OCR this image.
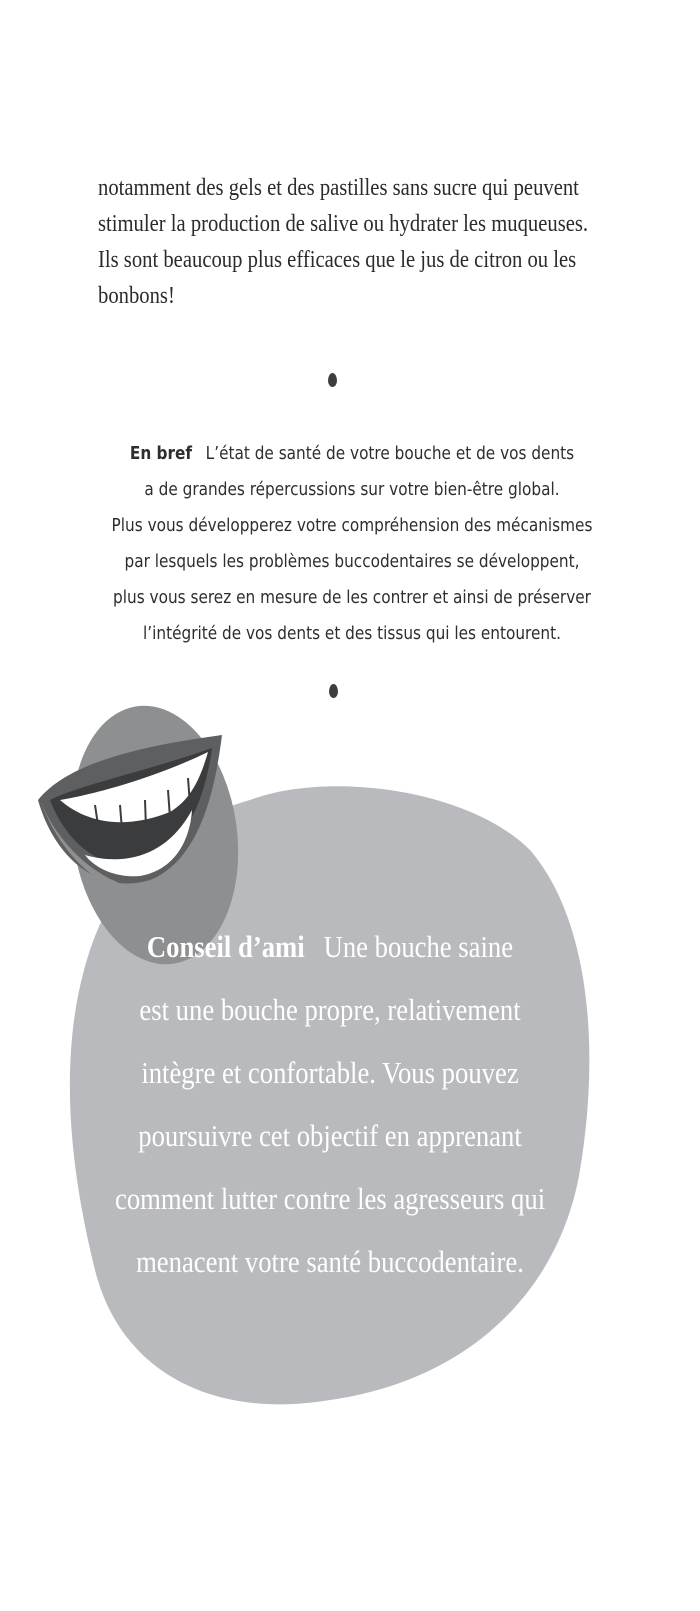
notamment des gels et des pastilles sans sucre qui peuvent
stimuler la production de salive ou hydrater les muqueuses.
Ils sont beaucoup plus efficaces que le jus de citron ou les
bonbons!
En bref L’état de santé de votre bouche et de vos dents
a de grandes répercussions sur votre bien-être global.
Plus vous développerez votre compréhension des mécanismes
par lesquels les problèmes buccodentaires se développent,
plus vous serez en mesure de les contrer et ainsi de préserver
l’intégrité de vos dents et des tissus qui les entourent.
Conseil d’ami Une bouche saine
est une bouche propre, relativement
intègre et confortable. Vous pouvez
poursuivre cet objectif en apprenant
comment lutter contre les agresseurs qui
menacent votre santé buccodentaire.
